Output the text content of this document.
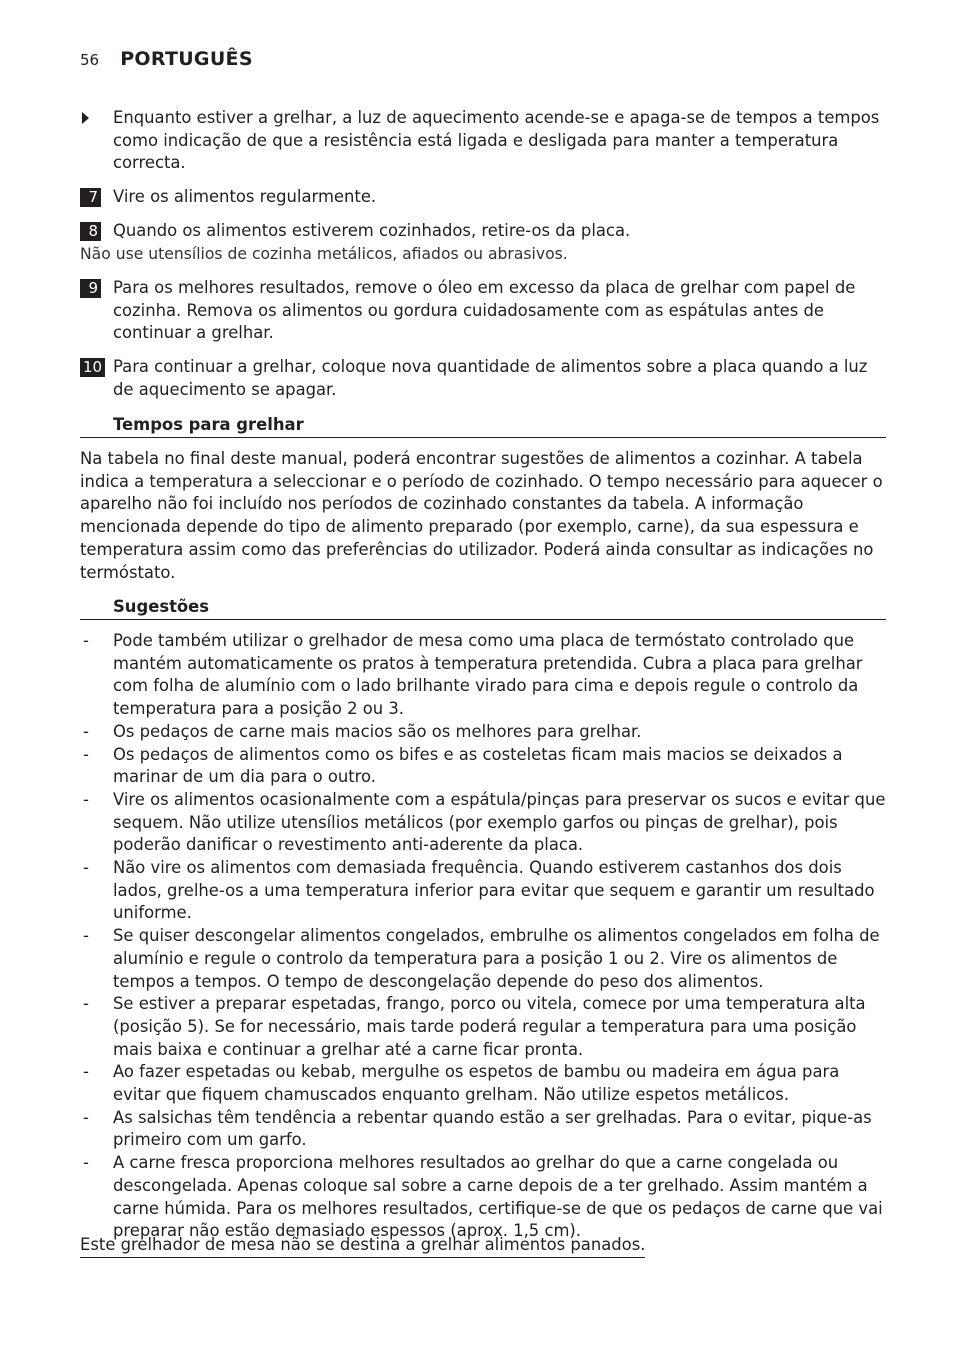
56 PORTUGUÊS
Enquanto estiver a grelhar, a luz de aquecimento acende-se e apaga-se de tempos a tempos como indicação de que a resistência está ligada e desligada para manter a temperatura correcta.
7 Vire os alimentos regularmente.
8 Quando os alimentos estiverem cozinhados, retire-os da placa.
Não use utensílios de cozinha metálicos, afiados ou abrasivos.
9 Para os melhores resultados, remove o óleo em excesso da placa de grelhar com papel de cozinha. Remova os alimentos ou gordura cuidadosamente com as espátulas antes de continuar a grelhar.
10 Para continuar a grelhar, coloque nova quantidade de alimentos sobre a placa quando a luz de aquecimento se apagar.
Tempos para grelhar
Na tabela no final deste manual, poderá encontrar sugestões de alimentos a cozinhar. A tabela indica a temperatura a seleccionar e o período de cozinhado. O tempo necessário para aquecer o aparelho não foi incluído nos períodos de cozinhado constantes da tabela. A informação mencionada depende do tipo de alimento preparado (por exemplo, carne), da sua espessura e temperatura assim como das preferências do utilizador. Poderá ainda consultar as indicações no termóstato.
Sugestões
- Pode também utilizar o grelhador de mesa como uma placa de termóstato controlado que mantém automaticamente os pratos à temperatura pretendida. Cubra a placa para grelhar com folha de alumínio com o lado brilhante virado para cima e depois regule o controlo da temperatura para a posição 2 ou 3.
- Os pedaços de carne mais macios são os melhores para grelhar.
- Os pedaços de alimentos como os bifes e as costeletas ficam mais macios se deixados a marinar de um dia para o outro.
- Vire os alimentos ocasionalmente com a espátula/pinças para preservar os sucos e evitar que sequem. Não utilize utensílios metálicos (por exemplo garfos ou pinças de grelhar), pois poderão danificar o revestimento anti-aderente da placa.
- Não vire os alimentos com demasiada frequência. Quando estiverem castanhos dos dois lados, grelhe-os a uma temperatura inferior para evitar que sequem e garantir um resultado uniforme.
- Se quiser descongelar alimentos congelados, embrulhe os alimentos congelados em folha de alumínio e regule o controlo da temperatura para a posição 1 ou 2. Vire os alimentos de tempos a tempos. O tempo de descongelação depende do peso dos alimentos.
- Se estiver a preparar espetadas, frango, porco ou vitela, comece por uma temperatura alta (posição 5). Se for necessário, mais tarde poderá regular a temperatura para uma posição mais baixa e continuar a grelhar até a carne ficar pronta.
- Ao fazer espetadas ou kebab, mergulhe os espetos de bambu ou madeira em água para evitar que fiquem chamuscados enquanto grelham. Não utilize espetos metálicos.
- As salsichas têm tendência a rebentar quando estão a ser grelhadas. Para o evitar, pique-as primeiro com um garfo.
- A carne fresca proporciona melhores resultados ao grelhar do que a carne congelada ou descongelada. Apenas coloque sal sobre a carne depois de a ter grelhado. Assim mantém a carne húmida. Para os melhores resultados, certifique-se de que os pedaços de carne que vai preparar não estão demasiado espessos (aprox. 1,5 cm).
Este grelhador de mesa não se destina a grelhar alimentos panados.
